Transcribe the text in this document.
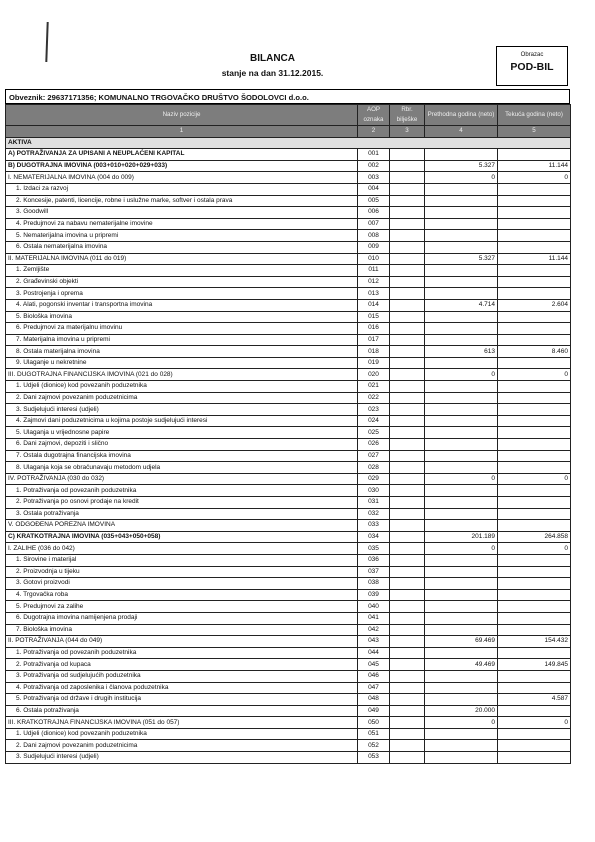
BILANCA
stanje na dan 31.12.2015.
Obrazac
POD-BIL
Obveznik: 29637171356; KOMUNALNO TRGOVAČKO DRUŠTVO ŠODOLOVCI d.o.o.
Naziv pozicije	AOP oznaka	Rbr. bilješke	Prethodna godina (neto)	Tekuća godina (neto)
1	2	3	4	5
AKTIVA				
A) POTRAŽIVANJA ZA UPISANI A NEUPLAĆENI KAPITAL	001			
B) DUGOTRAJNA IMOVINA (003+010+020+029+033)	002		5.327	11.144
I. NEMATERIJALNA IMOVINA (004 do 009)	003		0	0
1. Izdaci za razvoj	004			
2. Koncesije, patenti, licencije, robne i uslužne marke, softver i ostala prava	005			
3. Goodwill	006			
4. Predujmovi za nabavu nematerijalne imovine	007			
5. Nematerijalna imovina u pripremi	008			
6. Ostala nematerijalna imovina	009			
II. MATERIJALNA IMOVINA (011 do 019)	010		5.327	11.144
1. Zemljište	011			
2. Građevinski objekti	012			
3. Postrojenja i oprema	013			
4. Alati, pogonski inventar i transportna imovina	014		4.714	2.604
5. Biološka imovina	015			
6. Predujmovi za materijalnu imovinu	016			
7. Materijalna imovina u pripremi	017			
8. Ostala materijalna imovina	018		613	8.460
9. Ulaganje u nekretnine	019			
III. DUGOTRAJNA FINANCIJSKA IMOVINA (021 do 028)	020		0	0
1. Udjeli (dionice) kod povezanih poduzetnika	021			
2. Dani zajmovi povezanim poduzetnicima	022			
3. Sudjelujući interesi (udjeli)	023			
4. Zajmovi dani poduzetnicima u kojima postoje sudjelujući interesi	024			
5. Ulaganja u vrijednosne papire	025			
6. Dani zajmovi, depoziti i slično	026			
7. Ostala dugotrajna financijska imovina	027			
8. Ulaganja koja se obračunavaju metodom udjela	028			
IV. POTRAŽIVANJA (030 do 032)	029		0	0
1. Potraživanja od povezanih poduzetnika	030			
2. Potraživanja po osnovi prodaje na kredit	031			
3. Ostala potraživanja	032			
V. ODGOĐENA POREZNA IMOVINA	033			
C) KRATKOTRAJNA IMOVINA (035+043+050+058)	034		201.189	264.858
I. ZALIHE (036 do 042)	035		0	0
1. Sirovine i materijal	036			
2. Proizvodnja u tijeku	037			
3. Gotovi proizvodi	038			
4. Trgovačka roba	039			
5. Predujmovi za zalihe	040			
6. Dugotrajna imovina namijenjena prodaji	041			
7. Biološka imovina	042			
II. POTRAŽIVANJA (044 do 049)	043		69.469	154.432
1. Potraživanja od povezanih poduzetnika	044			
2. Potraživanja od kupaca	045		49.469	149.845
3. Potraživanja od sudjelujućih poduzetnika	046			
4. Potraživanja od zaposlenika i članova poduzetnika	047			
5. Potraživanja od države i drugih institucija	048			4.587
6. Ostala potraživanja	049		20.000	
III. KRATKOTRAJNA FINANCIJSKA IMOVINA (051 do 057)	050		0	0
1. Udjeli (dionice) kod povezanih poduzetnika	051			
2. Dani zajmovi povezanim poduzetnicima	052			
3. Sudjelujući interesi (udjeli)	053			
